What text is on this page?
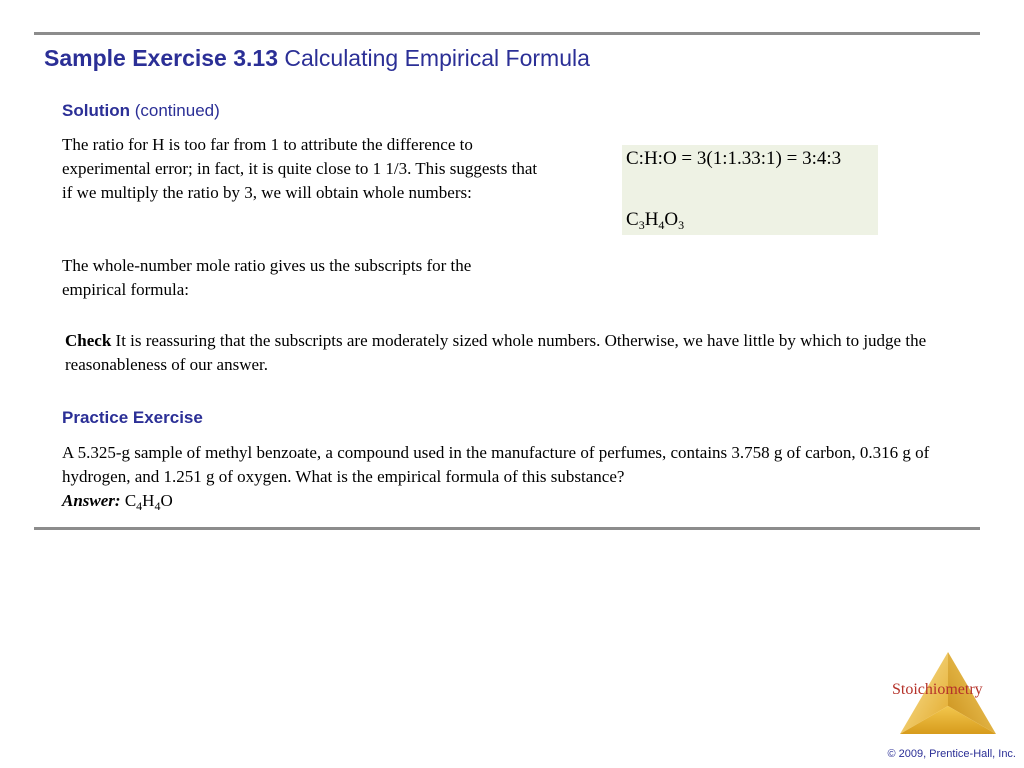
Sample Exercise 3.13 Calculating Empirical Formula
Solution (continued)

The ratio for H is too far from 1 to attribute the difference to experimental error; in fact, it is quite close to 1 1/3. This suggests that if we multiply the ratio by 3, we will obtain whole numbers:

The whole-number mole ratio gives us the subscripts for the empirical formula:

C:H:O = 3(1:1.33:1) = 3:4:3
$C_3H_4O_3$

Check It is reassuring that the subscripts are moderately sized whole numbers. Otherwise, we have little by which to judge the reasonableness of our answer.

Practice Exercise

A 5.325-g sample of methyl benzoate, a compound used in the manufacture of perfumes, contains 3.758 g of carbon, 0.316 g of hydrogen, and 1.251 g of oxygen. What is the empirical formula of this substance?

Answer: $C_4H_4O$

Stoichiometry
© 2009, Prentice-Hall, Inc.
